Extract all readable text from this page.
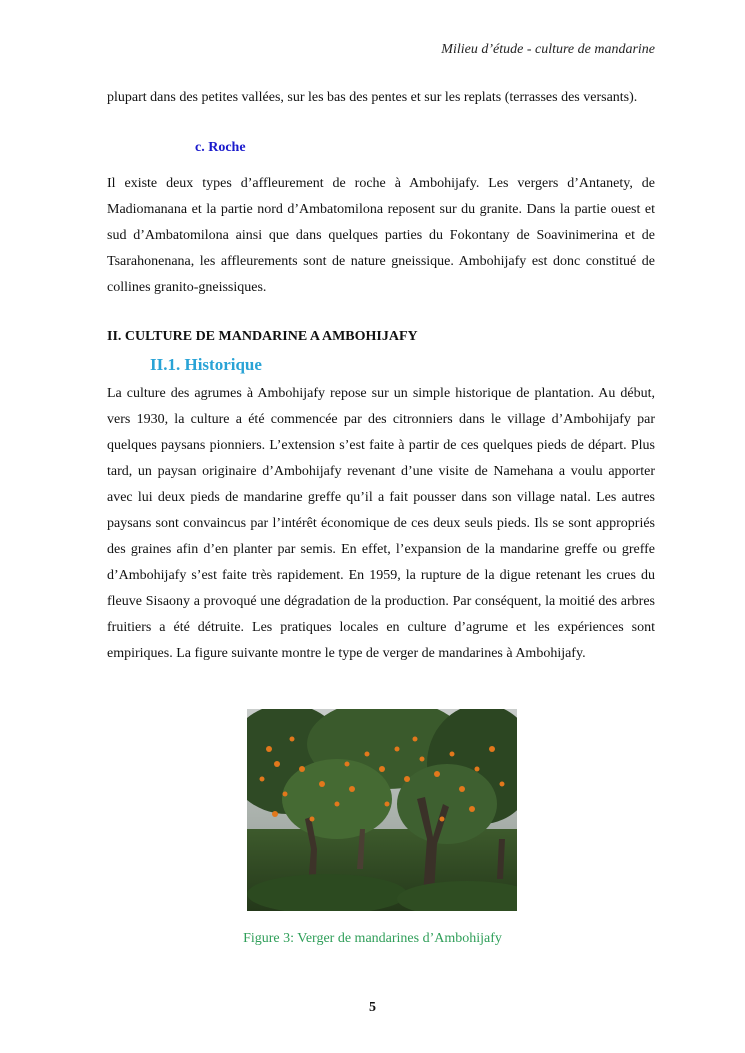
Milieu d’étude - culture de mandarine

plupart dans des petites vallées, sur les bas des pentes et sur les replats (terrasses des versants).

c. Roche

Il existe deux types d’affleurement de roche à Ambohijafy. Les vergers d’Antanety, de Madiomanana et la partie nord d’Ambatomilona reposent sur du granite. Dans la partie ouest et sud d’Ambatomilona ainsi que dans quelques parties du Fokontany de Soavinimerina et de Tsarahonenana, les affleurements sont de nature gneissique. Ambohijafy est donc constitué de collines granito-gneissiques.

II. CULTURE DE MANDARINE A AMBOHIJAFY
II.1. Historique

La culture des agrumes à Ambohijafy repose sur un simple historique de plantation. Au début, vers 1930, la culture a été commencée par des citronniers dans le village d’Ambohijafy par quelques paysans pionniers. L’extension s’est faite à partir de ces quelques pieds de départ. Plus tard, un paysan originaire d’Ambohijafy revenant d’une visite de Namehana a voulu apporter avec lui deux pieds de mandarine greffe qu’il a fait pousser dans son village natal. Les autres paysans sont convaincus par l’intérêt économique de ces deux seuls pieds. Ils se sont appropriés des graines afin d’en planter par semis. En effet, l’expansion de la mandarine greffe ou greffe d’Ambohijafy s’est faite très rapidement. En 1959, la rupture de la digue retenant les crues du fleuve Sisaony a provoqué une dégradation de la production. Par conséquent, la moitié des arbres fruitiers a été détruite. Les pratiques locales en culture d’agrume et les expériences sont empiriques. La figure suivante montre le type de verger de mandarines à Ambohijafy.

Figure 3: Verger de mandarines d’Ambohijafy
5
